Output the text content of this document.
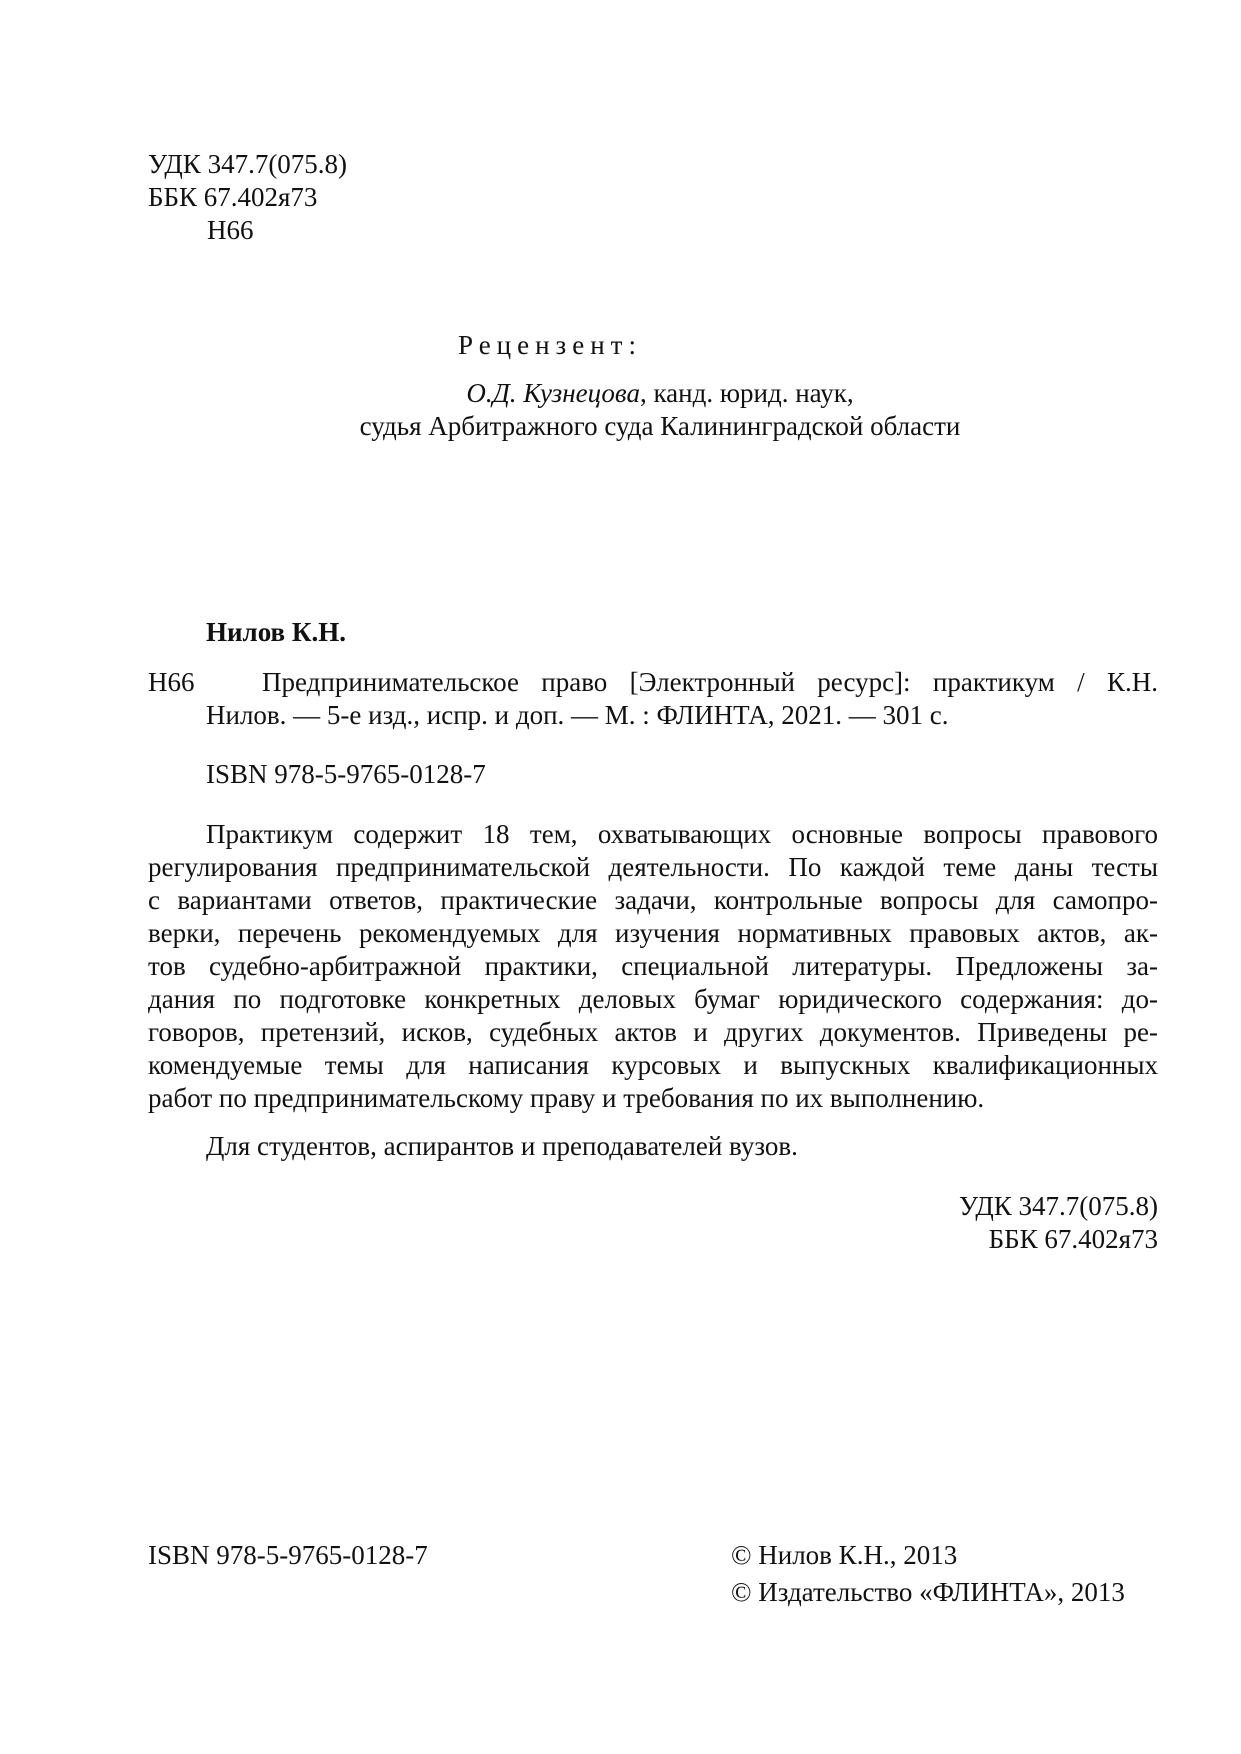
УДК 347.7(075.8)
ББК 67.402я73
Н66
Рецензент:
О.Д. Кузнецова, канд. юрид. наук,
судья Арбитражного суда Калининградской области
Нилов К.Н.
Н66	Предпринимательское право [Электронный ресурс]: практикум / К.Н.
Нилов. — 5-е изд., испр. и доп. — М. : ФЛИНТА, 2021. — 301 с.
ISBN 978-5-9765-0128-7
Практикум содержит 18 тем, охватывающих основные вопросы правового
регулирования предпринимательской деятельности. По каждой теме даны тесты
с вариантами ответов, практические задачи, контрольные вопросы для самопро-
верки, перечень рекомендуемых для изучения нормативных правовых актов, ак-
тов судебно-арбитражной практики, специальной литературы. Предложены за-
дания по подготовке конкретных деловых бумаг юридического содержания: до-
говоров, претензий, исков, судебных актов и других документов. Приведены ре-
комендуемые темы для написания курсовых и выпускных квалификационных
работ по предпринимательскому праву и требования по их выполнению.
Для студентов, аспирантов и преподавателей вузов.
УДК 347.7(075.8)
ББК 67.402я73
ISBN 978-5-9765-0128-7	© Нилов К.Н., 2013
© Издательство «ФЛИНТА», 2013
